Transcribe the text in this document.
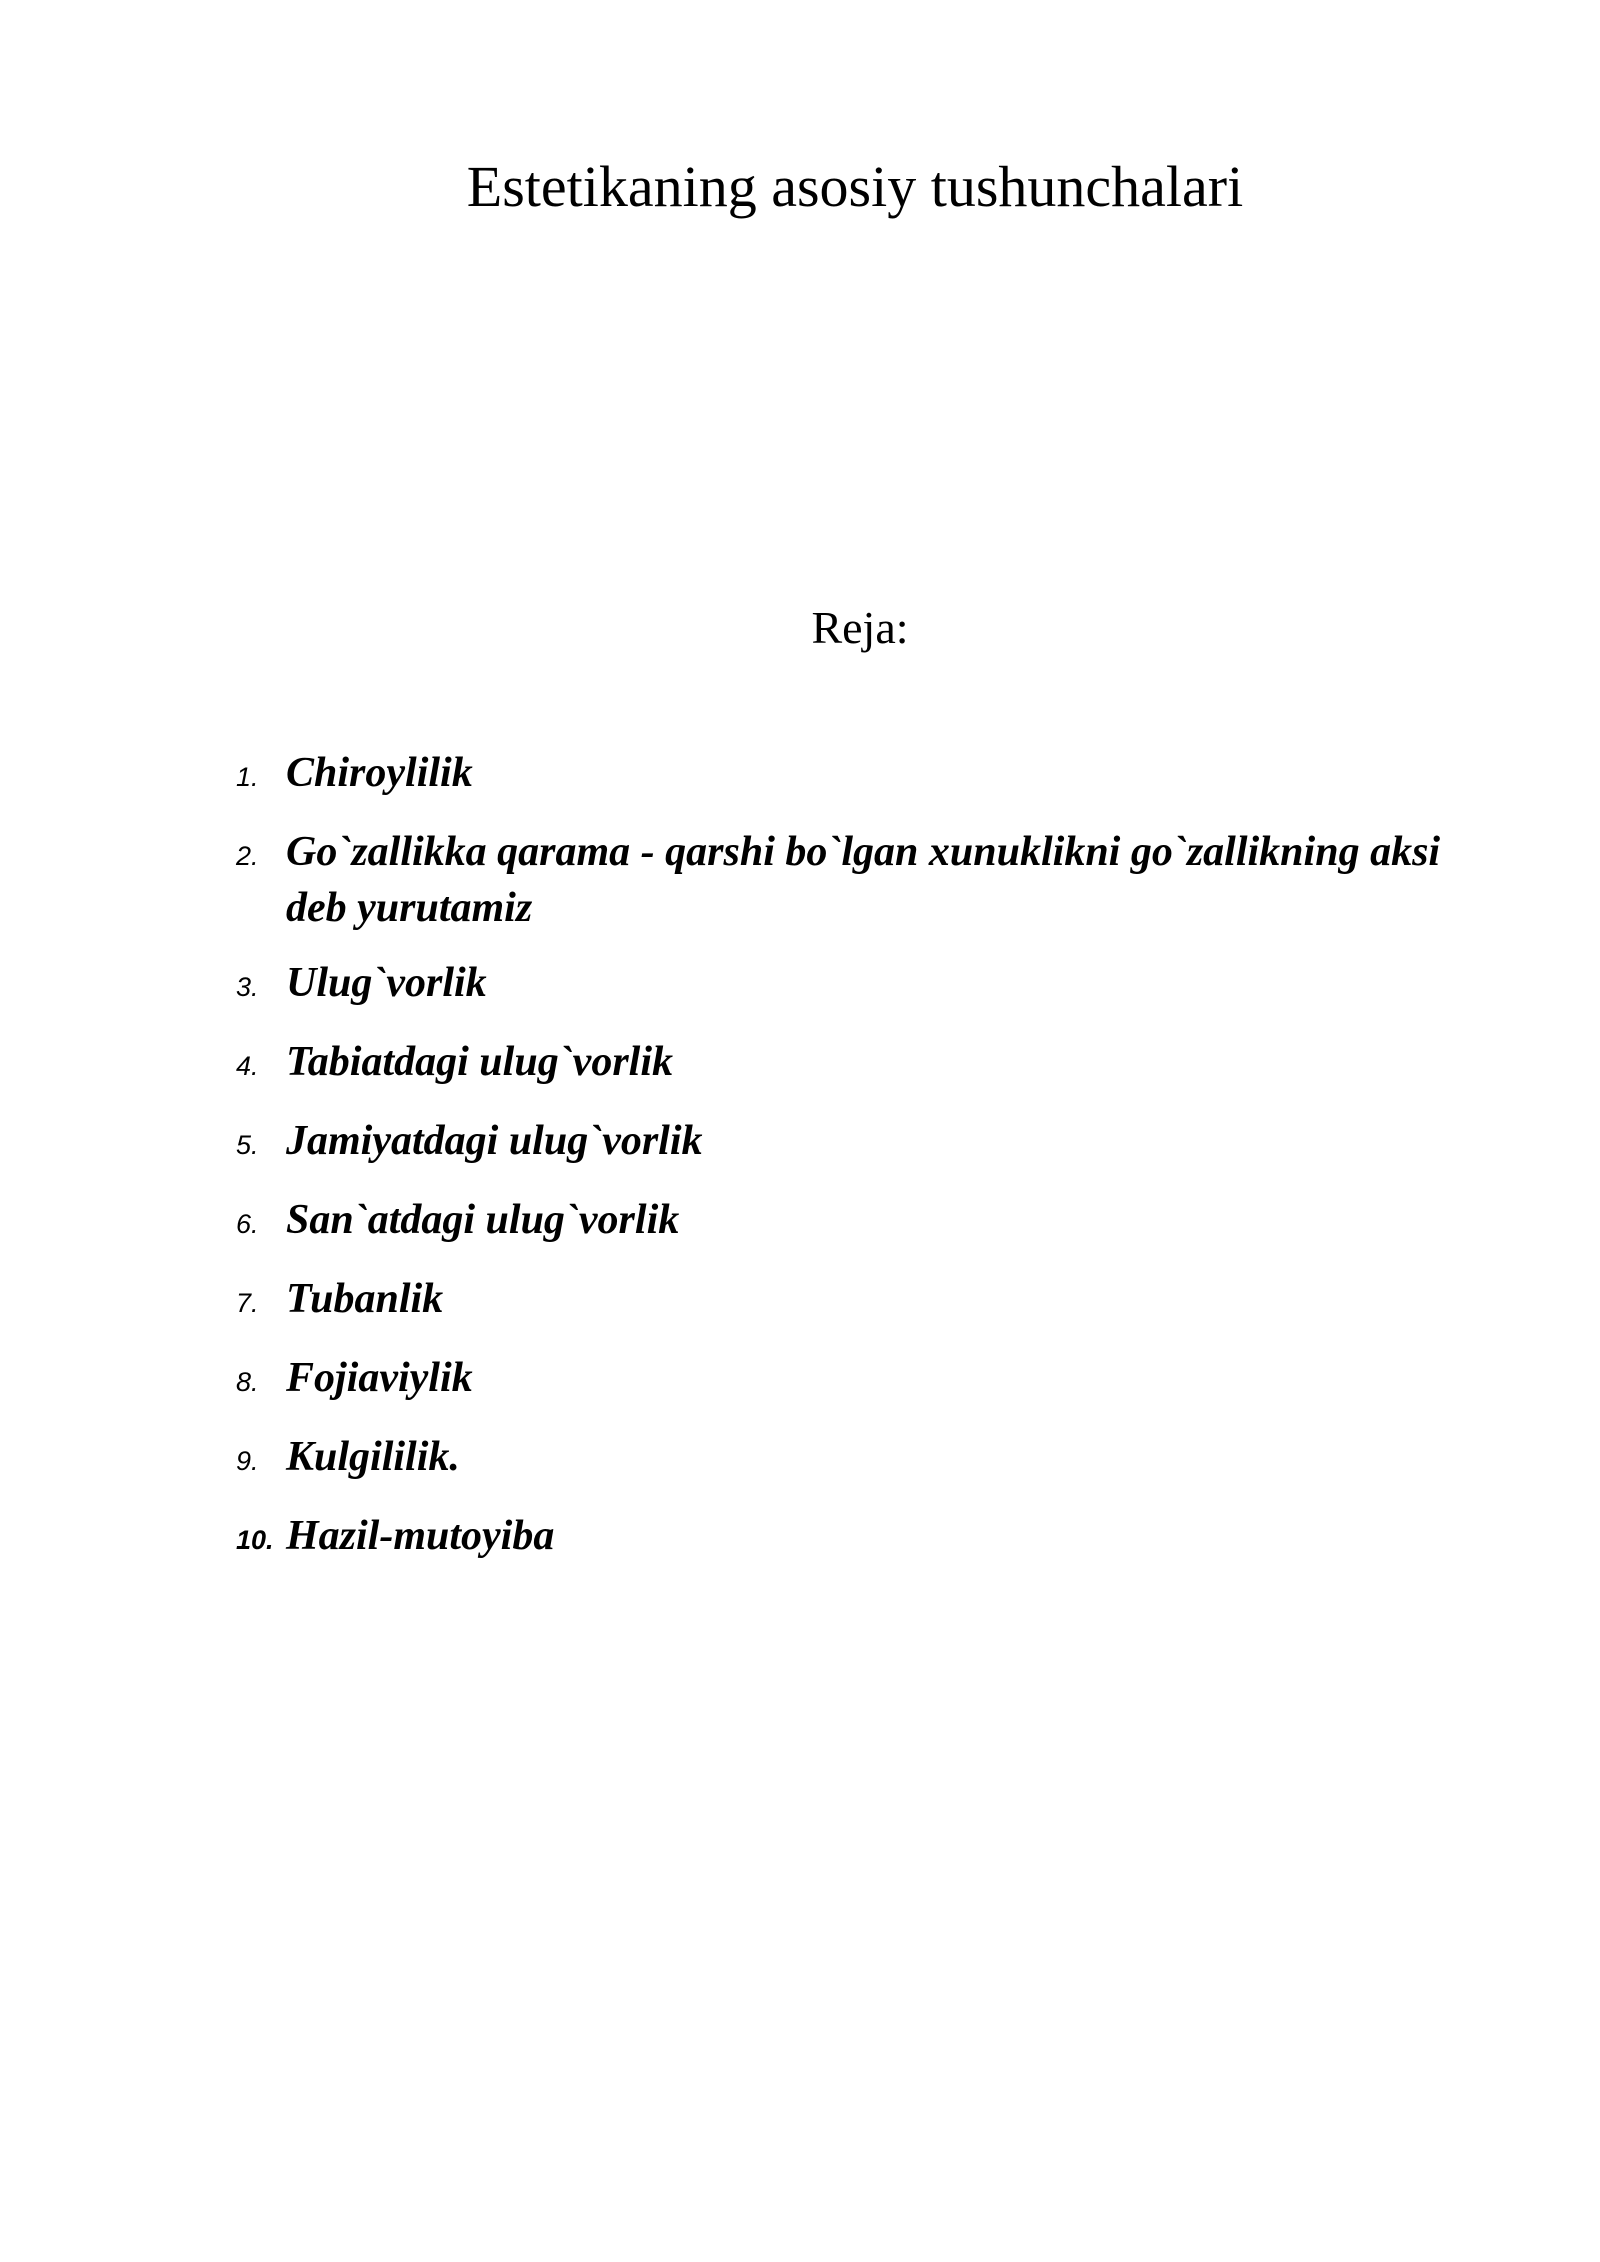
Estetikaning asosiy tushunchalari
Reja:
1. Chiroylilik
2. Go`zallikka qarama - qarshi bo`lgan xunuklikni go`zallikning aksi deb yurutamiz
3. Ulug`vorlik
4. Tabiatdagi ulug`vorlik
5. Jamiyatdagi ulug`vorlik
6. San`atdagi ulug`vorlik
7. Tubanlik
8. Fojiaviylik
9. Kulgililik.
10. Hazil-mutoyiba
